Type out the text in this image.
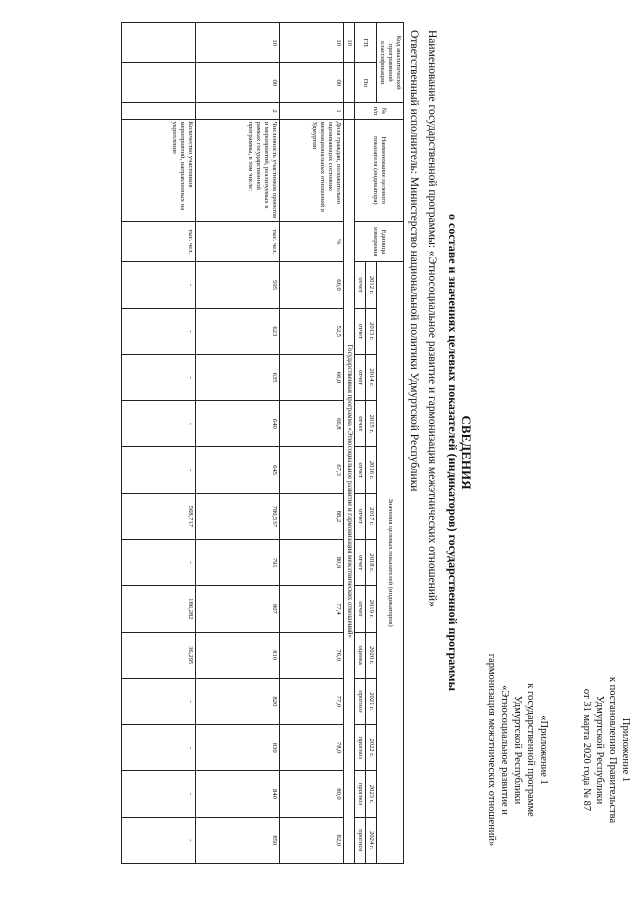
Приложение 1
к постановлению Правительства
Удмуртской Республики
от 31 марта 2020 года № 87
«Приложение 1
к государственной программе
Удмуртской Республики
«Этносоциальное развитие и
гармонизация межэтнических отношений»
СВЕДЕНИЯ
о составе и значениях целевых показателей (индикаторов) государственной программы
Наименование государственной программы: «Этносоциальное развитие и гармонизация межэтнических отношений»
Ответственный исполнитель: Министерство национальной политики Удмуртской Республики
Код аналитической программной классификации		№ п/п	Наименование целевого показателя (индикатора)	Единица измерения	Значения целевых показателей (индикаторов)												
ГП	Пп				2012 г.	2013 г.	2014 г.	2015 г.	2016 г.	2017 г.	2018 г.	2019 г.	2020 г.	2021 г.	2022 г.	2023 г.	2024 г.
					отчет	отчет	отчет	отчет	отчет	отчет	отчет	отчет	оценка	прогноз	прогноз	прогноз	прогноз
10			Государственная программа «Этносоциальное развитие и гармонизация межэтнических отношений»														
10	00	1	Доля граждан, положительно оценивающих состояние межнациональных отношений в Удмуртии	%	66,0	52,5	66,0	66,8	67,3	88,2	80,9	77,4	76,0	77,0	78,0	80,0	82,0
10	00	2	Численность участников проектов и мероприятий, реализуемых в рамках государственной программы, в том числе:	тыс. чел.	595	623	635	640	645	780,537	791	807	810	820	830	840	850
			Количество участников мероприятий, направленных на укрепление	тыс. чел.	-	-	-	-	-	568,717	-	186,282	36,295	-	-	-	-
